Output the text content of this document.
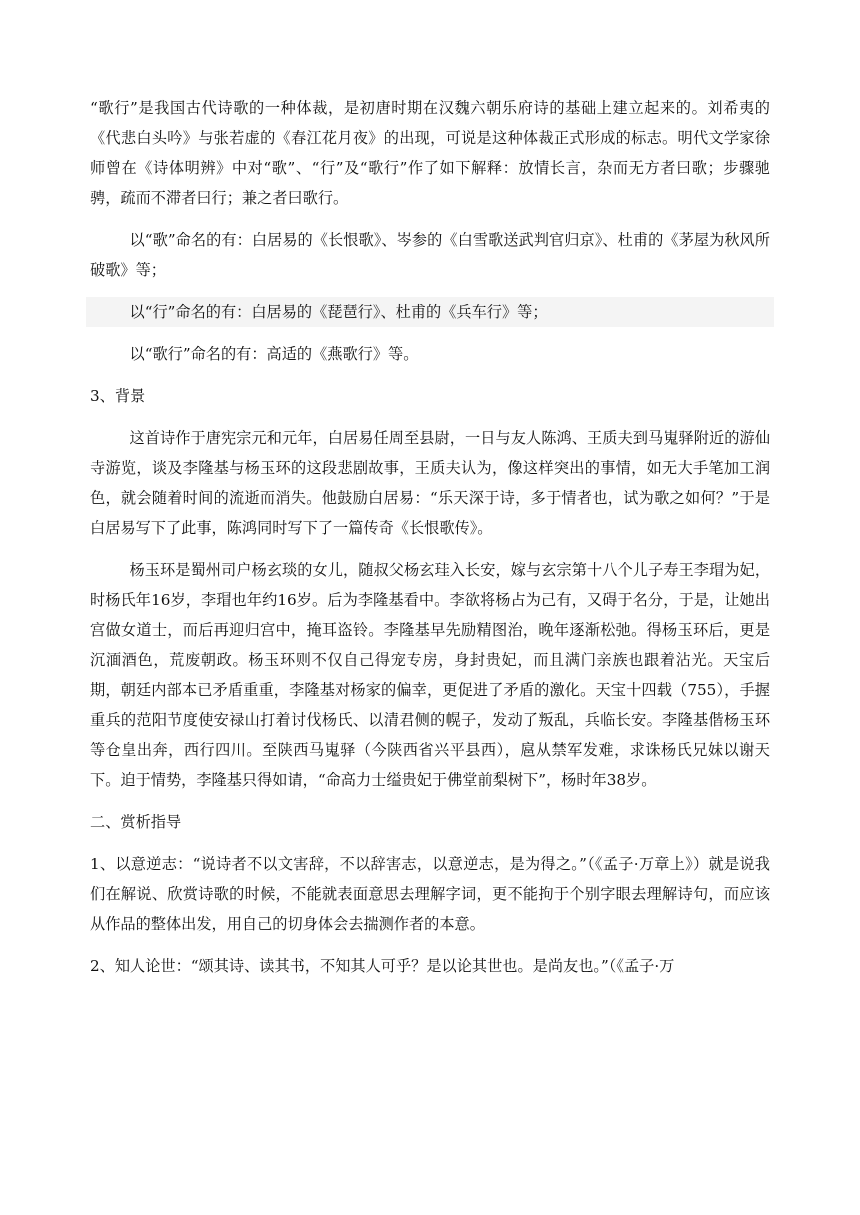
“歌行”是我国古代诗歌的一种体裁，是初唐时期在汉魏六朝乐府诗的基础上建立起来的。刘希夷的《代悲白头吟》与张若虚的《春江花月夜》的出现，可说是这种体裁正式形成的标志。明代文学家徐师曾在《诗体明辨》中对“歌”、“行”及“歌行”作了如下解释：放情长言，杂而无方者曰歌；步骤驰骋，疏而不滞者曰行；兼之者曰歌行。

以“歌”命名的有：白居易的《长恨歌》、岑参的《白雪歌送武判官归京》、杜甫的《茅屋为秋风所破歌》等；

以“行”命名的有：白居易的《琵琶行》、杜甫的《兵车行》等；

以“歌行”命名的有：高适的《燕歌行》等。

3、背景

这首诗作于唐宪宗元和元年，白居易任周至县尉，一日与友人陈鸿、王质夫到马嵬驿附近的游仙寺游览，谈及李隆基与杨玉环的这段悲剧故事，王质夫认为，像这样突出的事情，如无大手笔加工润色，就会随着时间的流逝而消失。他鼓励白居易：“乐天深于诗，多于情者也，试为歌之如何？”于是白居易写下了此事，陈鸿同时写下了一篇传奇《长恨歌传》。

杨玉环是蜀州司户杨玄琰的女儿，随叔父杨玄珪入长安，嫁与玄宗第十八个儿子寿王李瑁为妃，时杨氏年16岁，李瑁也年约16岁。后为李隆基看中。李欲将杨占为己有，又碍于名分，于是，让她出宫做女道士，而后再迎归宫中，掩耳盗铃。李隆基早先励精图治，晚年逐渐松弛。得杨玉环后，更是沉湎酒色，荒废朝政。杨玉环则不仅自己得宠专房，身封贵妃，而且满门亲族也跟着沾光。天宝后期，朝廷内部本已矛盾重重，李隆基对杨家的偏幸，更促进了矛盾的激化。天宝十四载（755），手握重兵的范阳节度使安禄山打着讨伐杨氏、以清君侧的幌子，发动了叛乱，兵临长安。李隆基偕杨玉环等仓皇出奔，西行四川。至陕西马嵬驿（今陕西省兴平县西），扈从禁军发难，求诛杨氏兄妹以谢天下。迫于情势，李隆基只得如请，“命高力士缢贵妃于佛堂前梨树下”，杨时年38岁。

二、赏析指导

1、以意逆志：“说诗者不以文害辞，不以辞害志，以意逆志，是为得之。”（《孟子·万章上》）就是说我们在解说、欣赏诗歌的时候，不能就表面意思去理解字词，更不能拘于个别字眼去理解诗句，而应该从作品的整体出发，用自己的切身体会去揣测作者的本意。

2、知人论世：“颂其诗、读其书，不知其人可乎？是以论其世也。是尚友也。”（《孟子·万
